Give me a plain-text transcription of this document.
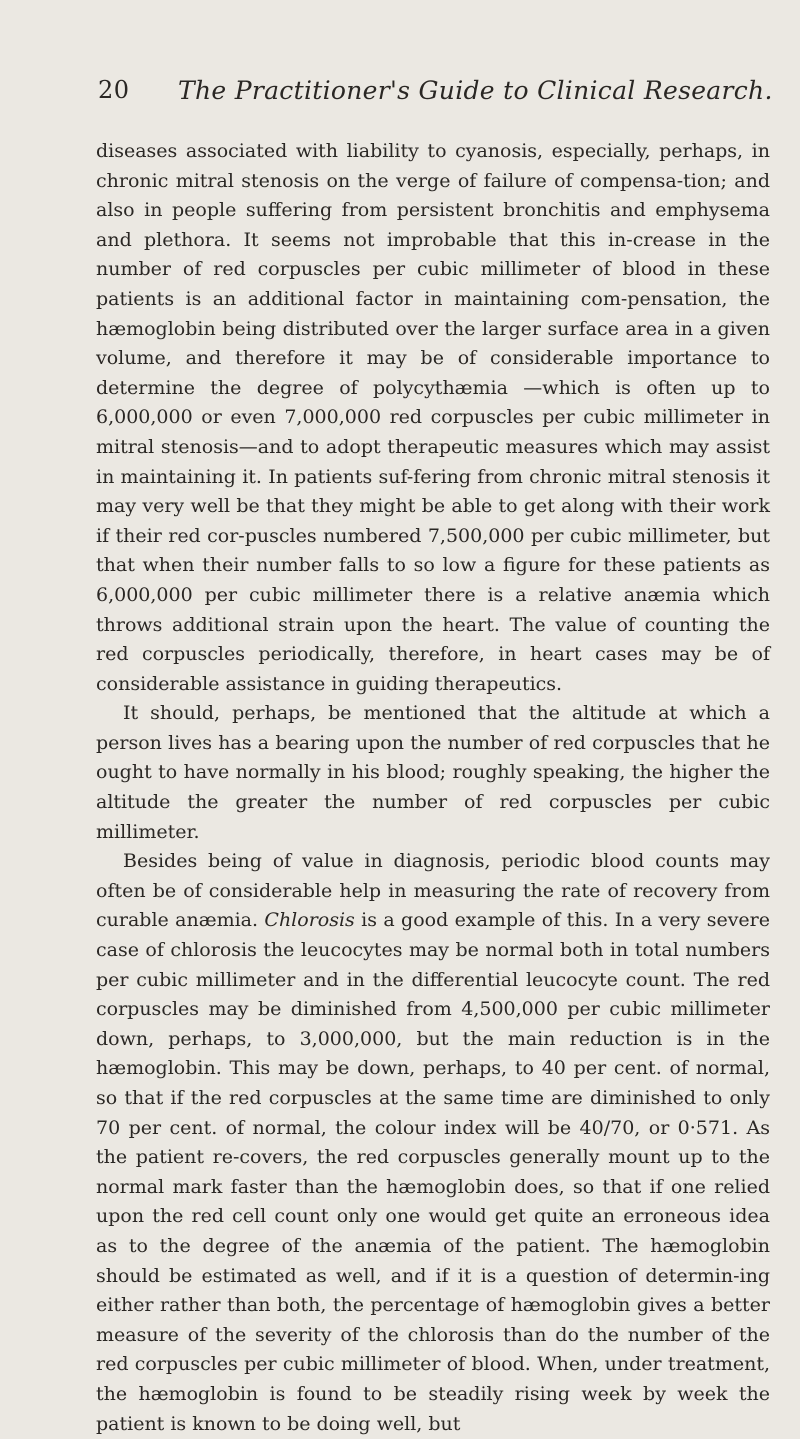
20 The Practitioner's Guide to Clinical Research.

diseases associated with liability to cyanosis, especially, perhaps, in chronic mitral stenosis on the verge of failure of compensa-tion; and also in people suffering from persistent bronchitis and emphysema and plethora. It seems not improbable that this in-crease in the number of red corpuscles per cubic millimeter of blood in these patients is an additional factor in maintaining com-pensation, the hæmoglobin being distributed over the larger surface area in a given volume, and therefore it may be of considerable importance to determine the degree of polycythæmia —which is often up to 6,000,000 or even 7,000,000 red corpuscles per cubic millimeter in mitral stenosis—and to adopt therapeutic measures which may assist in maintaining it. In patients suf-fering from chronic mitral stenosis it may very well be that they might be able to get along with their work if their red cor-puscles numbered 7,500,000 per cubic millimeter, but that when their number falls to so low a figure for these patients as 6,000,000 per cubic millimeter there is a relative anæmia which throws additional strain upon the heart. The value of counting the red corpuscles periodically, therefore, in heart cases may be of considerable assistance in guiding therapeutics.

It should, perhaps, be mentioned that the altitude at which a person lives has a bearing upon the number of red corpuscles that he ought to have normally in his blood; roughly speaking, the higher the altitude the greater the number of red corpuscles per cubic millimeter.

Besides being of value in diagnosis, periodic blood counts may often be of considerable help in measuring the rate of recovery from curable anæmia. Chlorosis is a good example of this. In a very severe case of chlorosis the leucocytes may be normal both in total numbers per cubic millimeter and in the differential leucocyte count. The red corpuscles may be diminished from 4,500,000 per cubic millimeter down, perhaps, to 3,000,000, but the main reduction is in the hæmoglobin. This may be down, perhaps, to 40 per cent. of normal, so that if the red corpuscles at the same time are diminished to only 70 per cent. of normal, the colour index will be 40/70, or 0·571. As the patient re-covers, the red corpuscles generally mount up to the normal mark faster than the hæmoglobin does, so that if one relied upon the red cell count only one would get quite an erroneous idea as to the degree of the anæmia of the patient. The hæmoglobin should be estimated as well, and if it is a question of determin-ing either rather than both, the percentage of hæmoglobin gives a better measure of the severity of the chlorosis than do the number of the red corpuscles per cubic millimeter of blood. When, under treatment, the hæmoglobin is found to be steadily rising week by week the patient is known to be doing well, but
